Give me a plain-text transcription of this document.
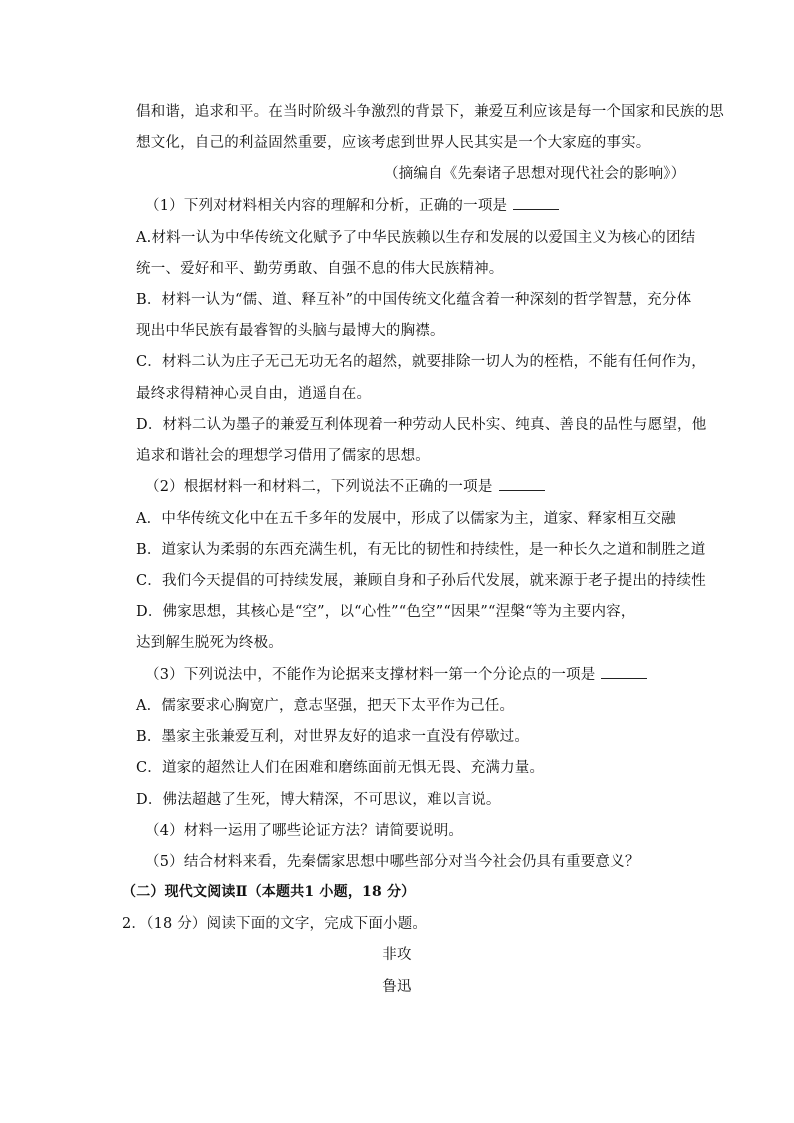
倡和谐，追求和平。在当时阶级斗争激烈的背景下，兼爱互利应该是每一个国家和民族的思
想文化，自己的利益固然重要，应该考虑到世界人民其实是一个大家庭的事实。
（摘编自《先秦诸子思想对现代社会的影响》）
（1）下列对材料相关内容的理解和分析，正确的一项是
A.材料一认为中华传统文化赋予了中华民族赖以生存和发展的以爱国主义为核心的团结
统一、爱好和平、勤劳勇敢、自强不息的伟大民族精神。
B．材料一认为“儒、道、释互补”的中国传统文化蕴含着一种深刻的哲学智慧，充分体
现出中华民族有最睿智的头脑与最博大的胸襟。
C．材料二认为庄子无己无功无名的超然，就要排除一切人为的桎梏，不能有任何作为，
最终求得精神心灵自由，逍遥自在。
D．材料二认为墨子的兼爱互利体现着一种劳动人民朴实、纯真、善良的品性与愿望，他
追求和谐社会的理想学习借用了儒家的思想。
（2）根据材料一和材料二，下列说法不正确的一项是
A．中华传统文化中在五千多年的发展中，形成了以儒家为主，道家、释家相互交融
B．道家认为柔弱的东西充满生机，有无比的韧性和持续性，是一种长久之道和制胜之道
C．我们今天提倡的可持续发展，兼顾自身和子孙后代发展，就来源于老子提出的持续性
D．佛家思想，其核心是“空”，以“心性”“色空”“因果”“涅槃“等为主要内容，
达到解生脱死为终极。
（3）下列说法中，不能作为论据来支撑材料一第一个分论点的一项是
A．儒家要求心胸宽广，意志坚强，把天下太平作为己任。
B．墨家主张兼爱互利，对世界友好的追求一直没有停歇过。
C．道家的超然让人们在困难和磨练面前无惧无畏、充满力量。
D．佛法超越了生死，博大精深，不可思议，难以言说。
（4）材料一运用了哪些论证方法？请简要说明。
（5）结合材料来看，先秦儒家思想中哪些部分对当今社会仍具有重要意义？
（二）现代文阅读Ⅱ（本题共1 小题，18 分）
2．（18 分）阅读下面的文字，完成下面小题。
非攻
鲁迅
